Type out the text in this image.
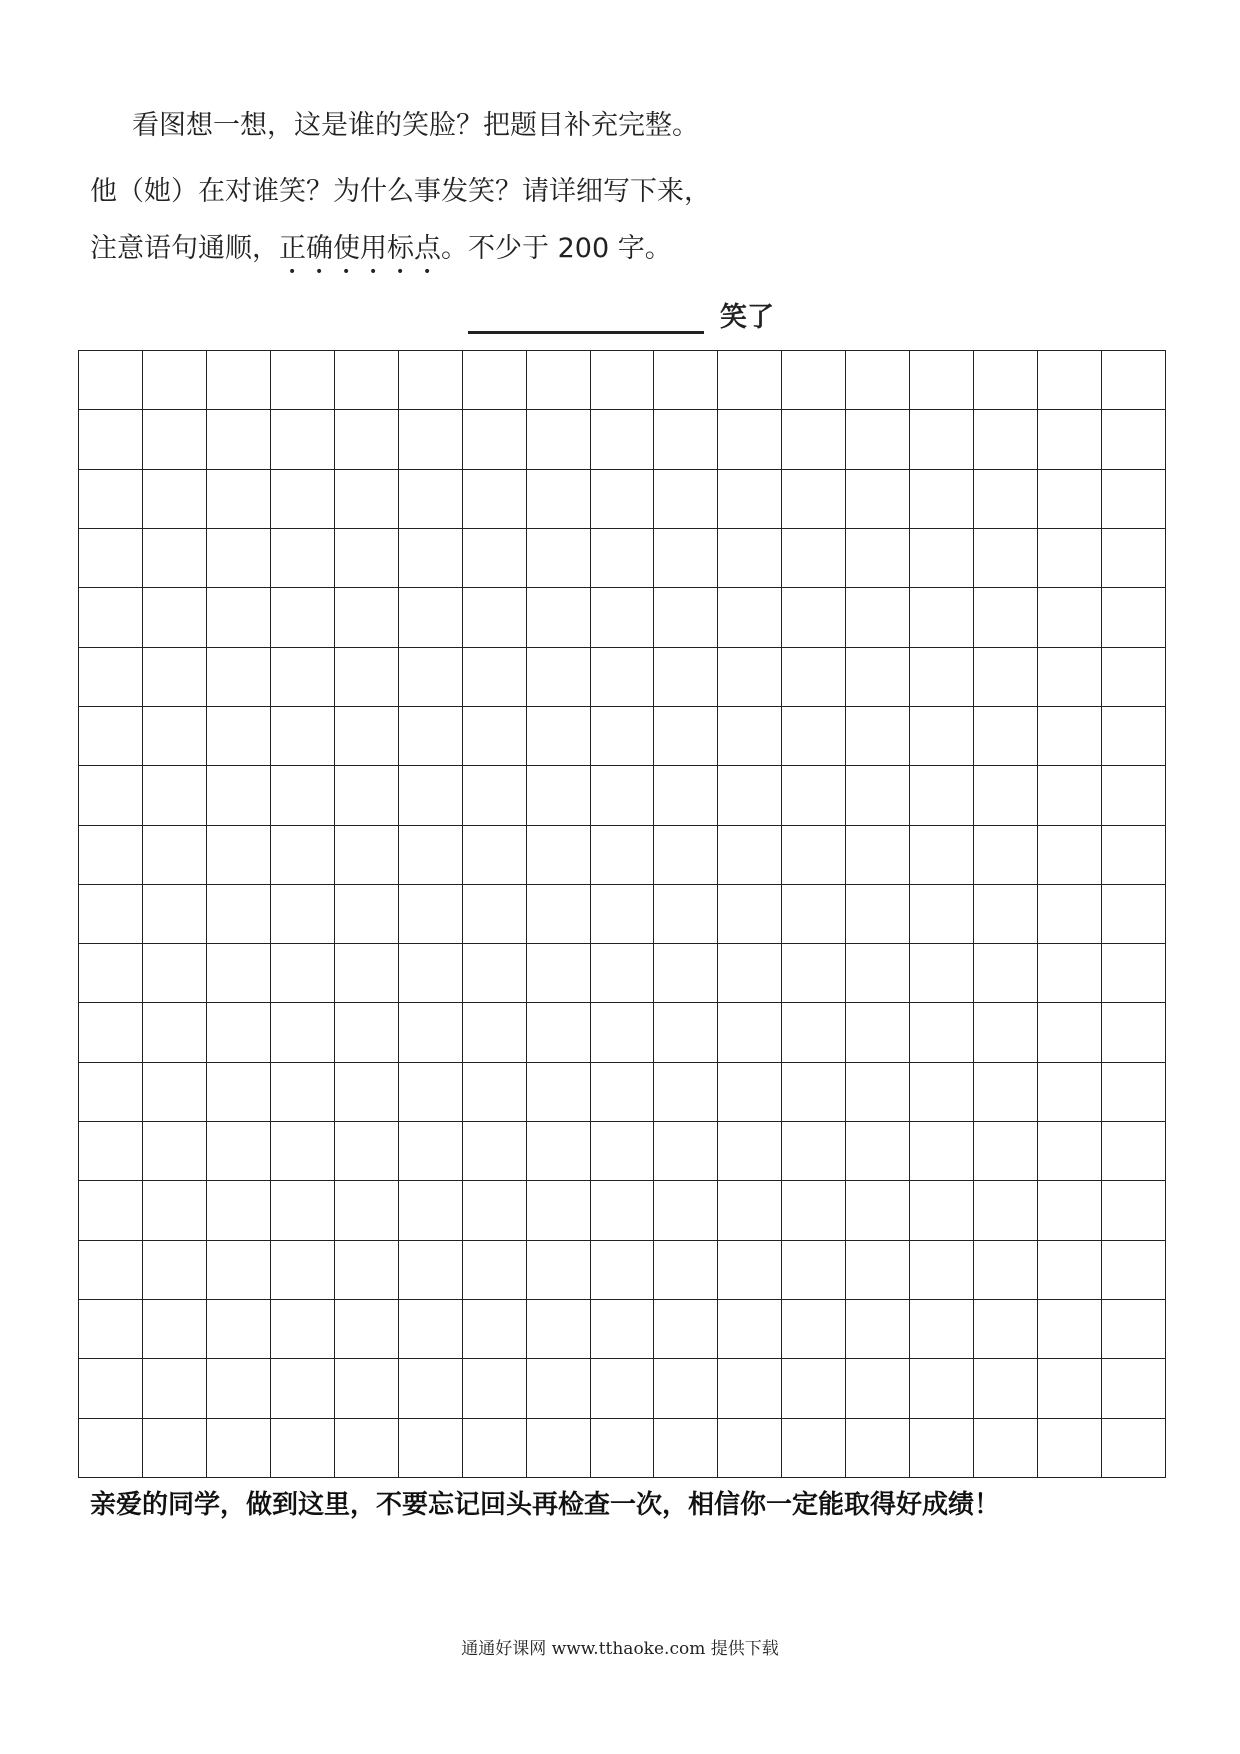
看图想一想，这是谁的笑脸？把题目补充完整。
他（她）在对谁笑？为什么事发笑？请详细写下来，
注意语句通顺，正确使用标点。不少于 200 字。
笑了
亲爱的同学，做到这里，不要忘记回头再检查一次，相信你一定能取得好成绩！
通通好课网 www.tthaoke.com 提供下载
